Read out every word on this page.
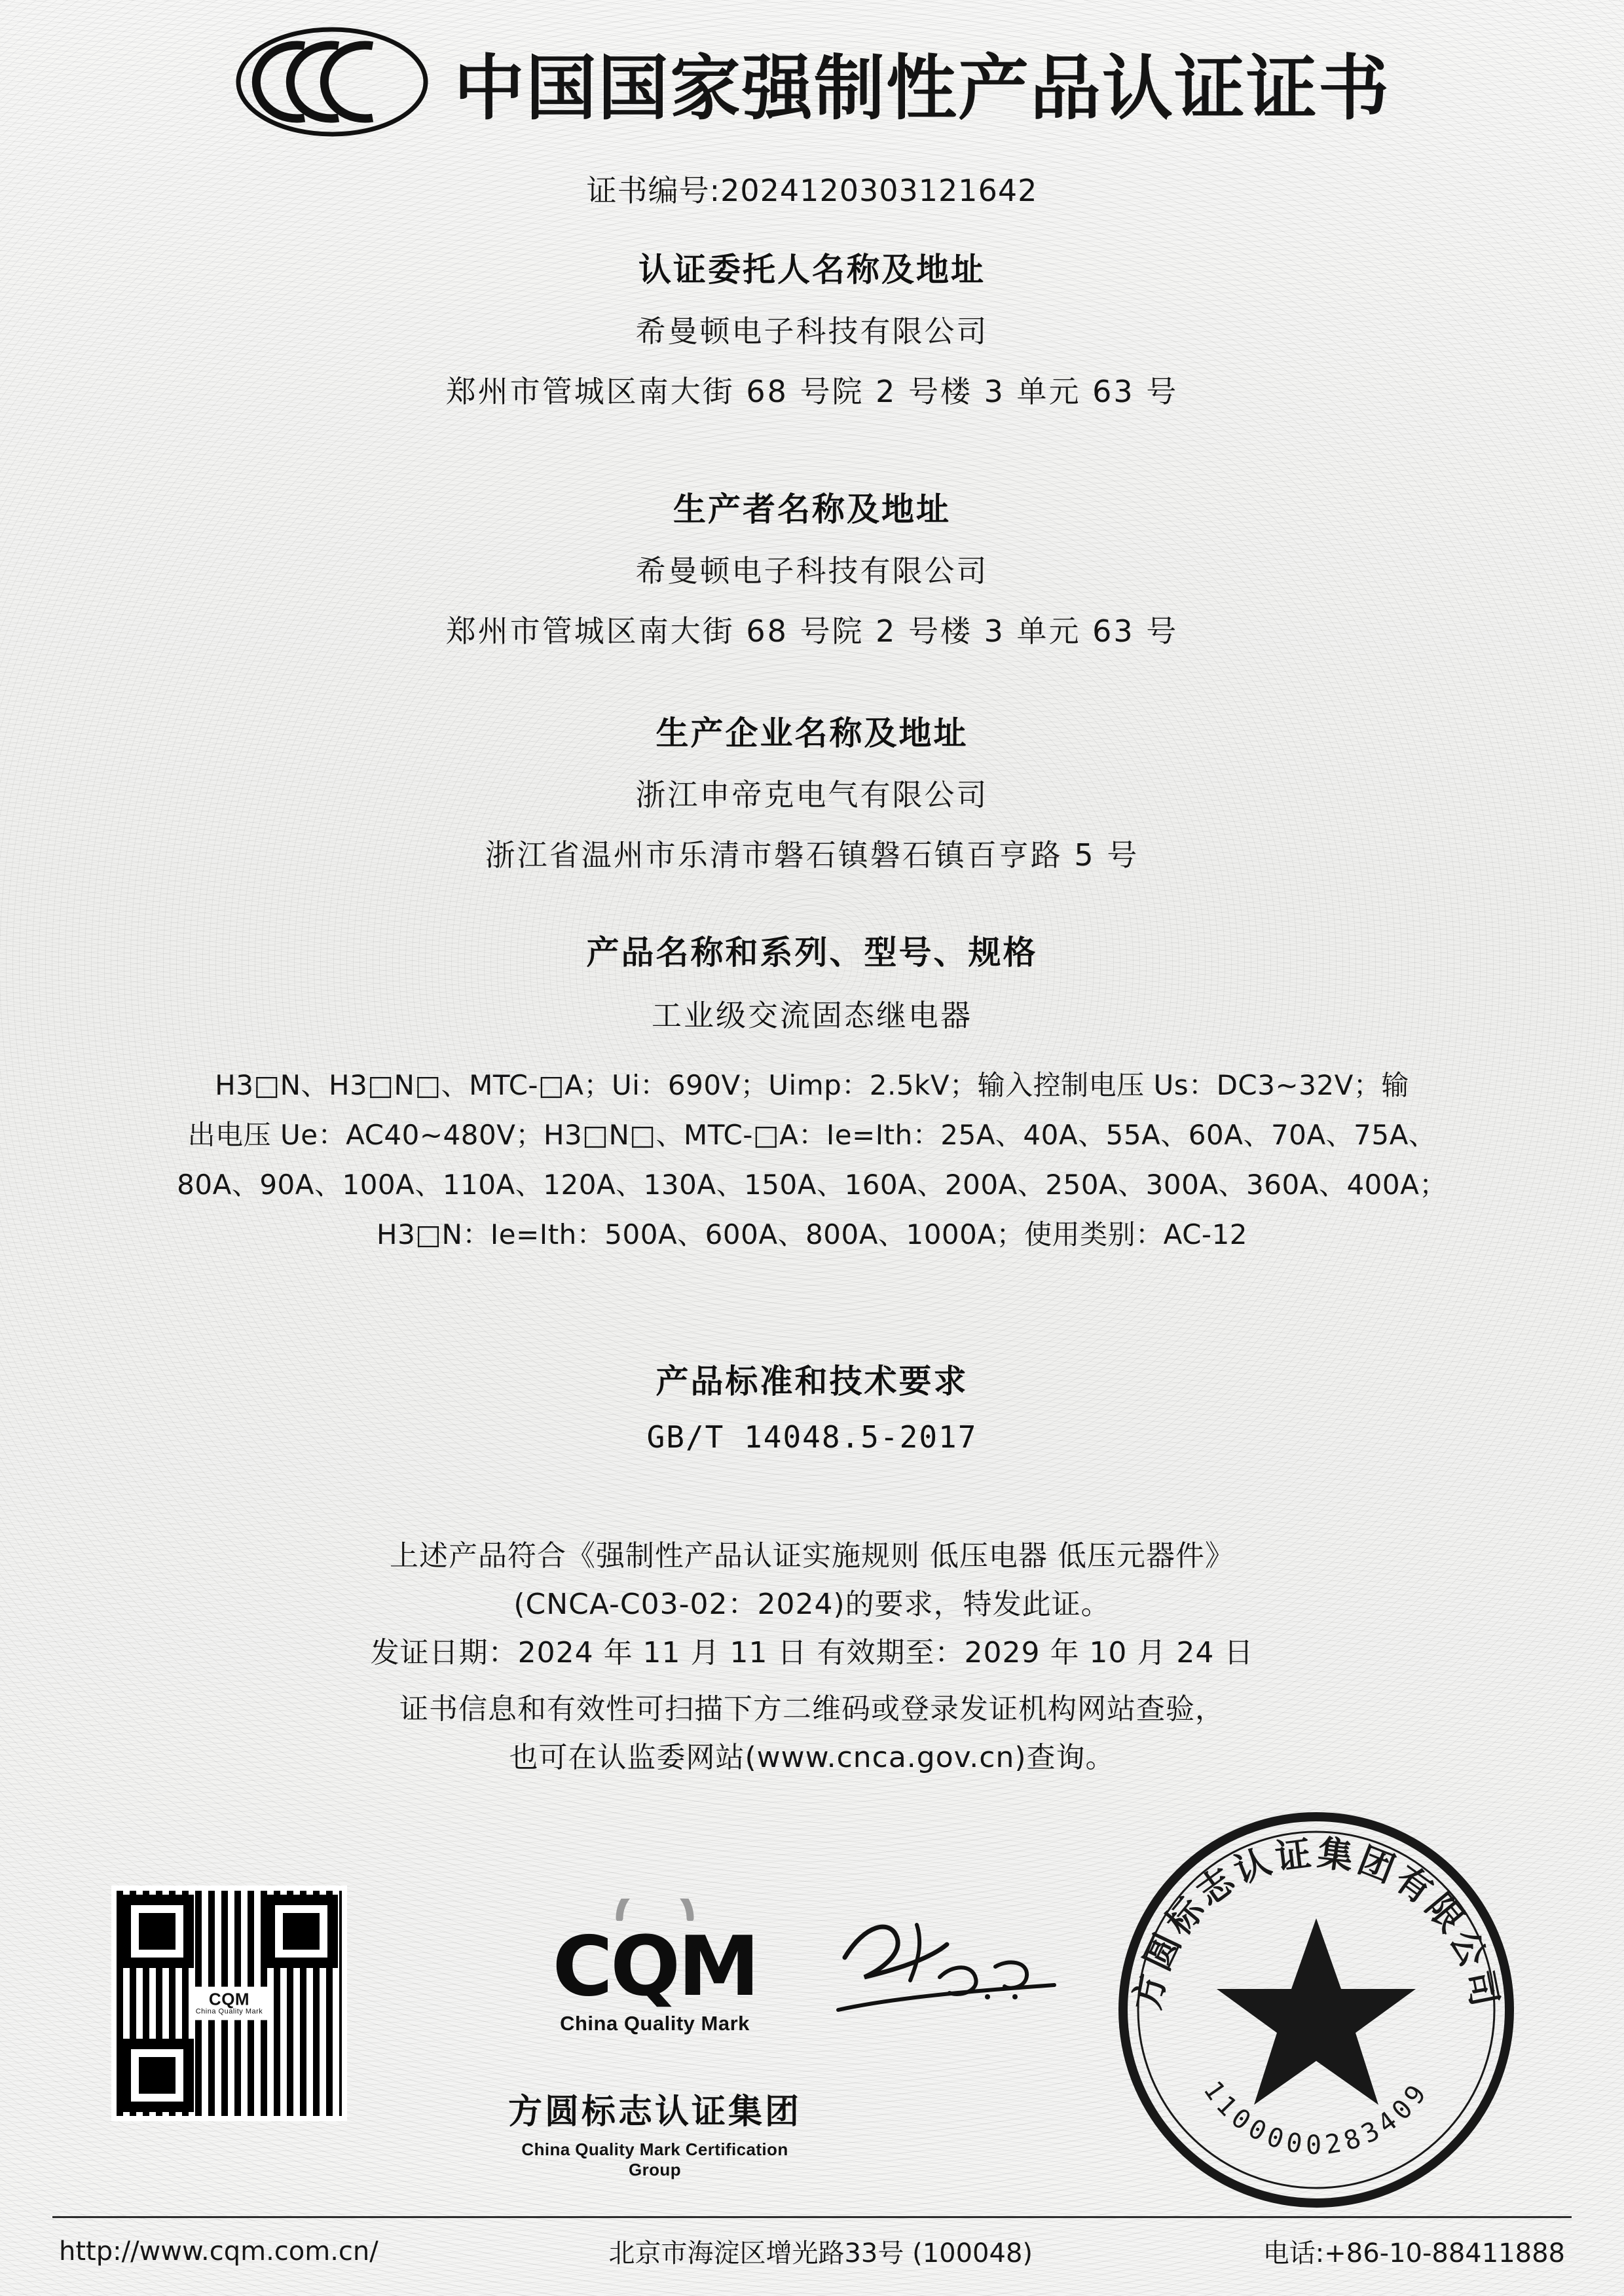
中国国家强制性产品认证证书
证书编号:2024120303121642
认证委托人名称及地址
希曼顿电子科技有限公司
郑州市管城区南大街 68 号院 2 号楼 3 单元 63 号
生产者名称及地址
希曼顿电子科技有限公司
郑州市管城区南大街 68 号院 2 号楼 3 单元 63 号
生产企业名称及地址
浙江申帝克电气有限公司
浙江省温州市乐清市磐石镇磐石镇百亨路 5 号
产品名称和系列、型号、规格
工业级交流固态继电器
H3□N、H3□N□、MTC-□A；Ui：690V；Uimp：2.5kV；输入控制电压 Us：DC3~32V；输
出电压 Ue：AC40~480V；H3□N□、MTC-□A：Ie=Ith：25A、40A、55A、60A、70A、75A、
80A、90A、100A、110A、120A、130A、150A、160A、200A、250A、300A、360A、400A；
H3□N：Ie=Ith：500A、600A、800A、1000A；使用类别：AC-12
产品标准和技术要求
GB/T 14048.5-2017
上述产品符合《强制性产品认证实施规则 低压电器 低压元器件》
(CNCA-C03-02：2024)的要求，特发此证。
发证日期：2024 年 11 月 11 日 有效期至：2029 年 10 月 24 日
证书信息和有效性可扫描下方二维码或登录发证机构网站查验，
也可在认监委网站(www.cnca.gov.cn)查询。
CQM
China Quality Mark	CQM
China Quality Mark
方圆标志认证集团
China Quality Mark Certification Group
方圆标志认证集团有限公司
1100000283409
http://www.cqm.com.cn/	北京市海淀区增光路33号 (100048)	电话:+86-10-88411888
